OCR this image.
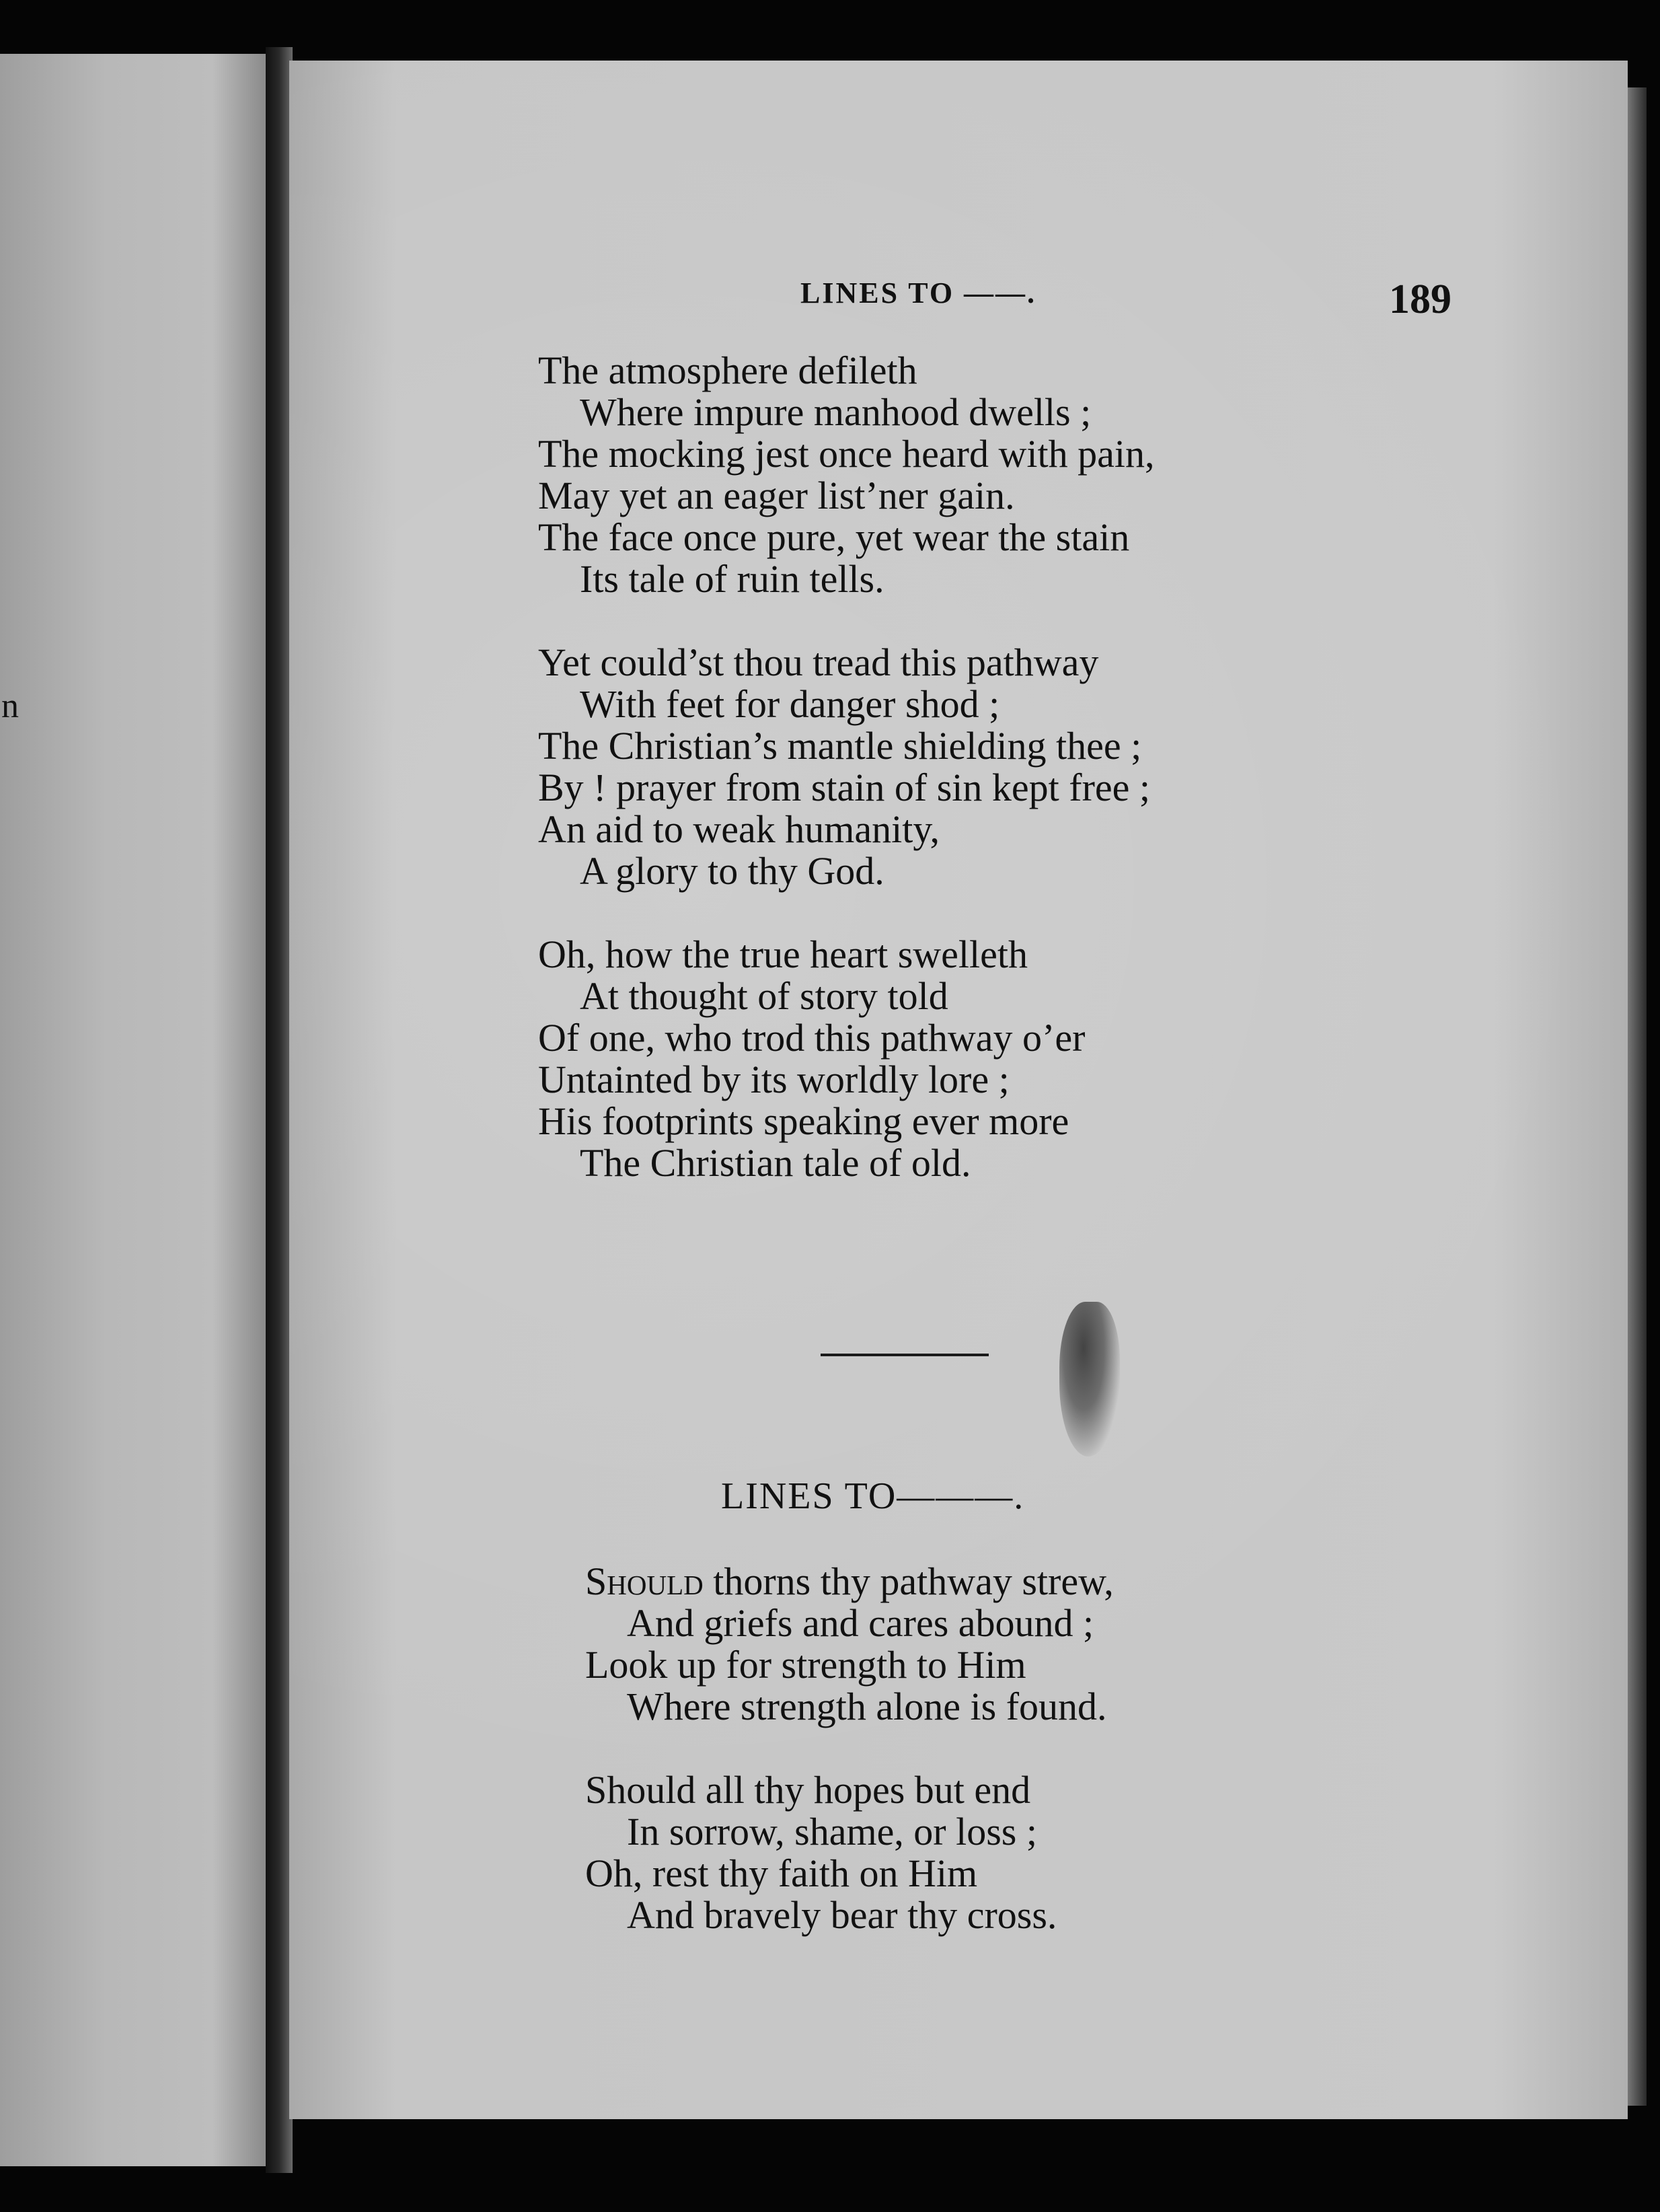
n
LINES TO ——.	189
The atmosphere defileth
Where impure manhood dwells ;
The mocking jest once heard with pain,
May yet an eager list’ner gain.
The face once pure, yet wear the stain
Its tale of ruin tells.
Yet could’st thou tread this pathway
With feet for danger shod ;
The Christian’s mantle shielding thee ;
By ! prayer from stain of sin kept free ;
An aid to weak humanity,
A glory to thy God.
Oh, how the true heart swelleth
At thought of story told
Of one, who trod this pathway o’er
Untainted by its worldly lore ;
His footprints speaking ever more
The Christian tale of old.
LINES TO———.
Should thorns thy pathway strew,
And griefs and cares abound ;
Look up for strength to Him
Where strength alone is found.
Should all thy hopes but end
In sorrow, shame, or loss ;
Oh, rest thy faith on Him
And bravely bear thy cross.
